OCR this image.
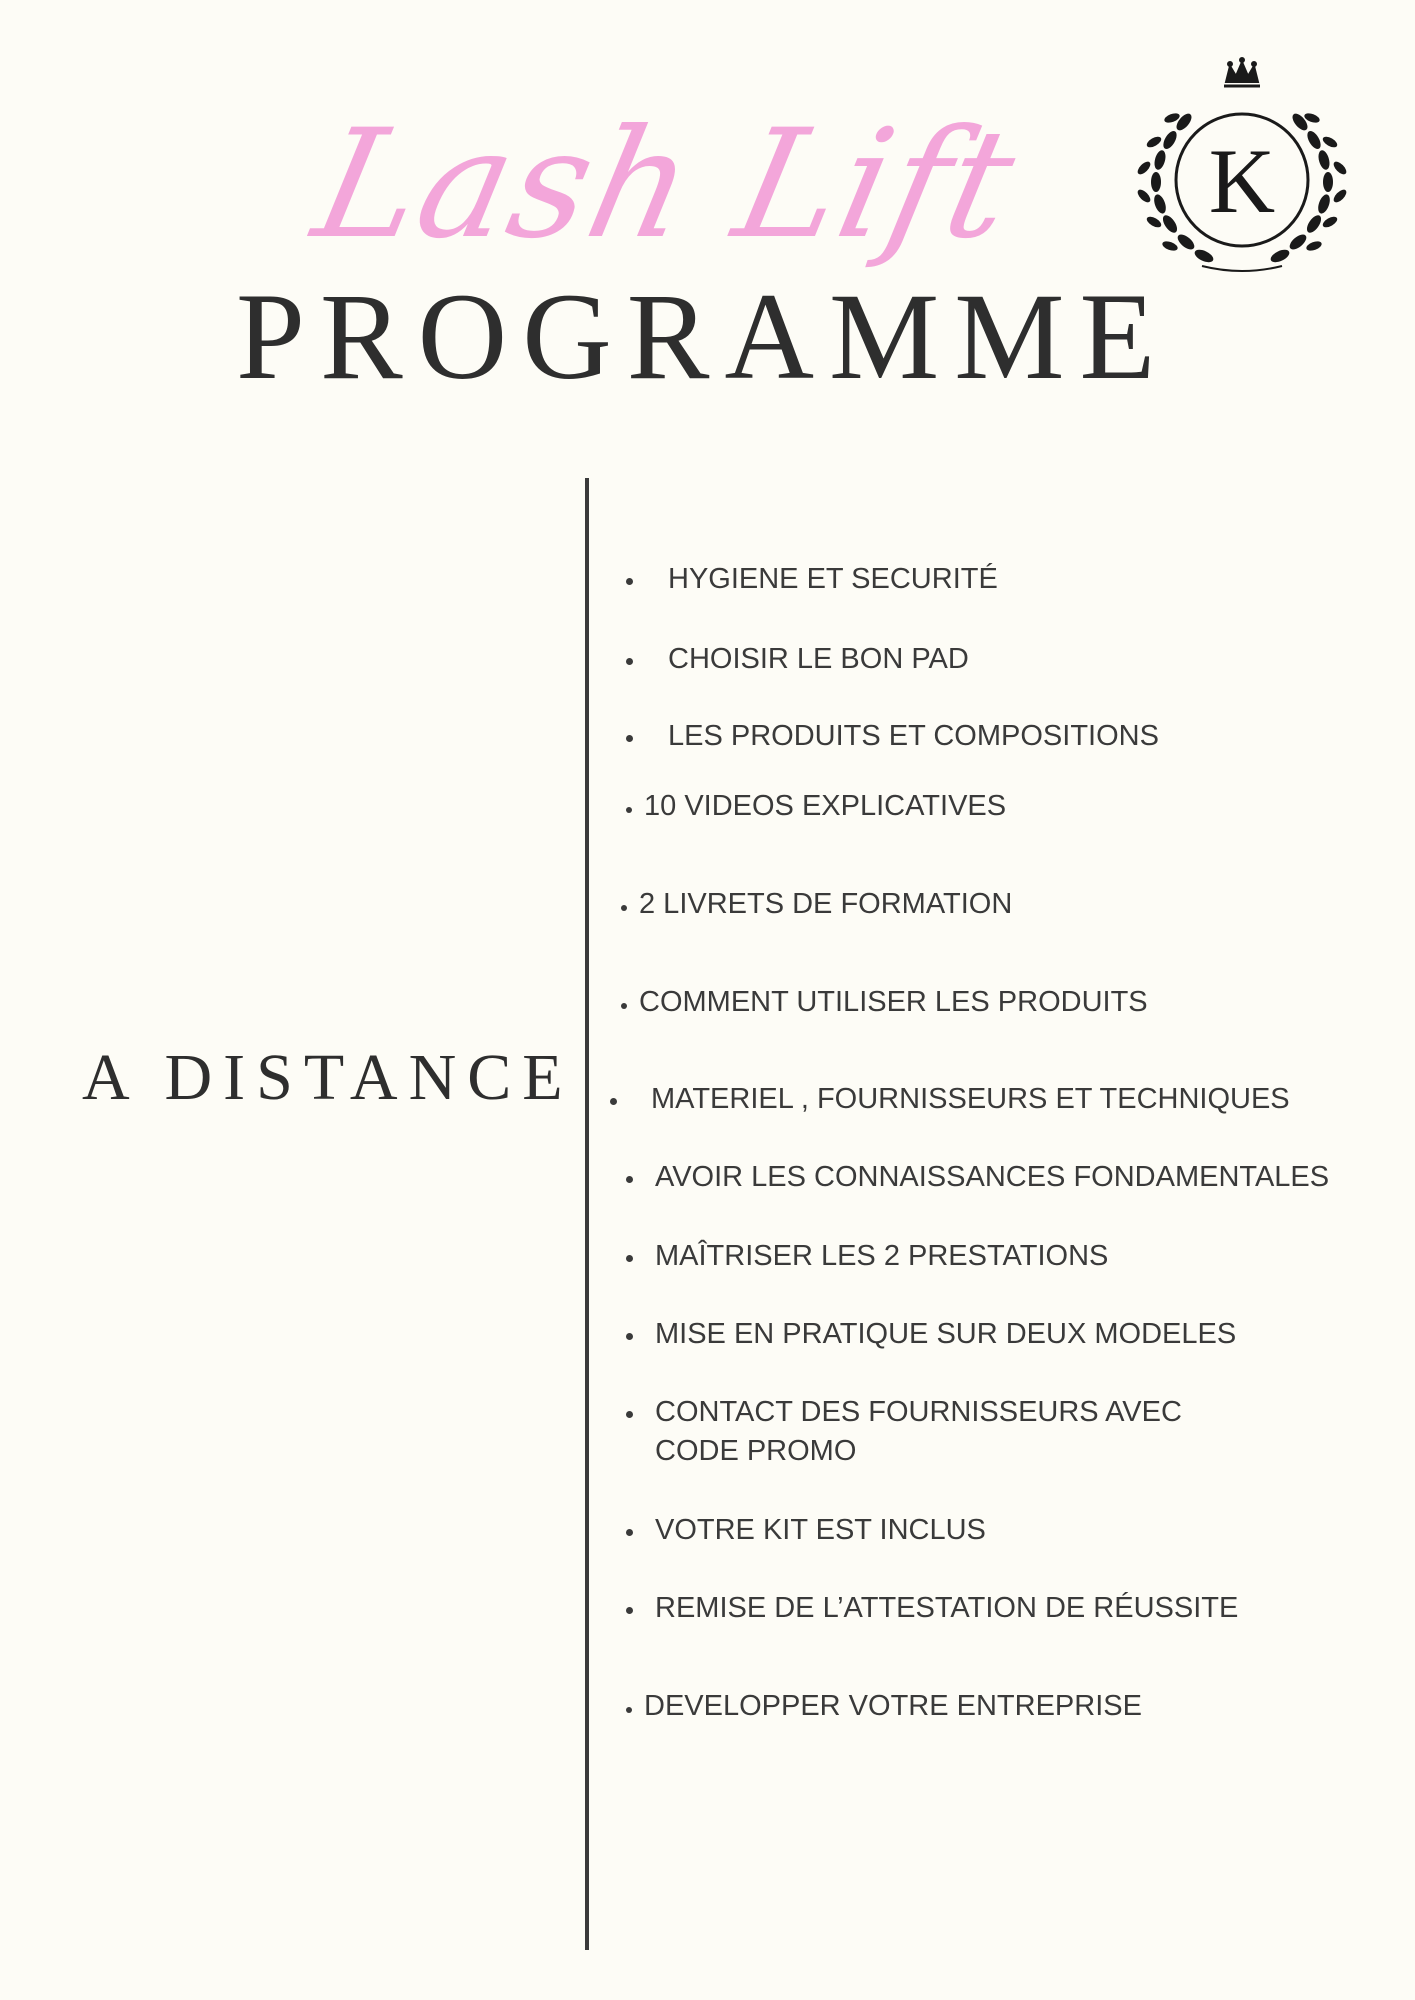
Lash Lift
PROGRAMME
K
A DISTANCE
HYGIENE ET SECURITÉ
CHOISIR LE BON PAD
LES PRODUITS ET COMPOSITIONS
10 VIDEOS EXPLICATIVES
2 LIVRETS DE FORMATION
COMMENT UTILISER LES PRODUITS
MATERIEL , FOURNISSEURS ET TECHNIQUES
AVOIR LES CONNAISSANCES FONDAMENTALES
MAÎTRISER LES 2 PRESTATIONS
MISE EN PRATIQUE SUR DEUX MODELES
CONTACT DES FOURNISSEURS AVEC
CODE PROMO
VOTRE KIT EST INCLUS
REMISE DE L’ATTESTATION DE RÉUSSITE
DEVELOPPER VOTRE ENTREPRISE
